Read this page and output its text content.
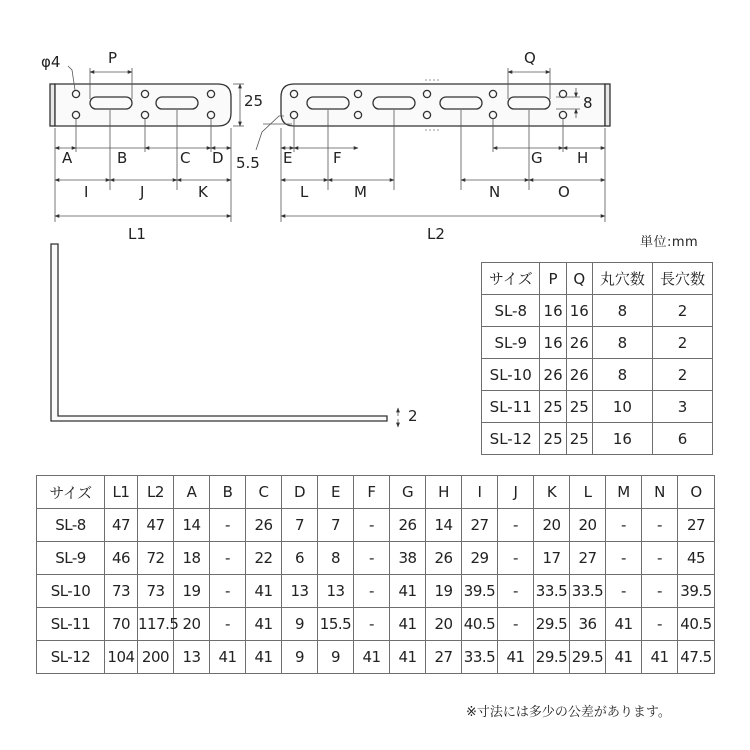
φ4	P	Q
25	8
5.5
A	B	C D	E	F	G H
I	J	K	L	M	N	O
L1	L2
2
単位:mm
サイズ	P	Q	丸穴数	長穴数
SL-8	16	16	8	2
SL-9	16	26	8	2
SL-10	26	26	8	2
SL-11	25	25	10	3
SL-12	25	25	16	6
サイズ	L1	L2	A	B	C	D	E	F	G	H	I	J	K	L	M	N	O
SL-8	47	47	14	-	26	7	7	-	26	14	27	-	20	20	-	-	27
SL-9	46	72	18	-	22	6	8	-	38	26	29	-	17	27	-	-	45
SL-10	73	73	19	-	41	13	13	-	41	19	39.5	-	33.5	33.5	-	-	39.5
SL-11	70	117.5	20	-	41	9	15.5	-	41	20	40.5	-	29.5	36	41	-	40.5
SL-12	104	200	13	41	41	9	9	41	41	27	33.5	41	29.5	29.5	41	41	47.5
※寸法には多少の公差があります。
